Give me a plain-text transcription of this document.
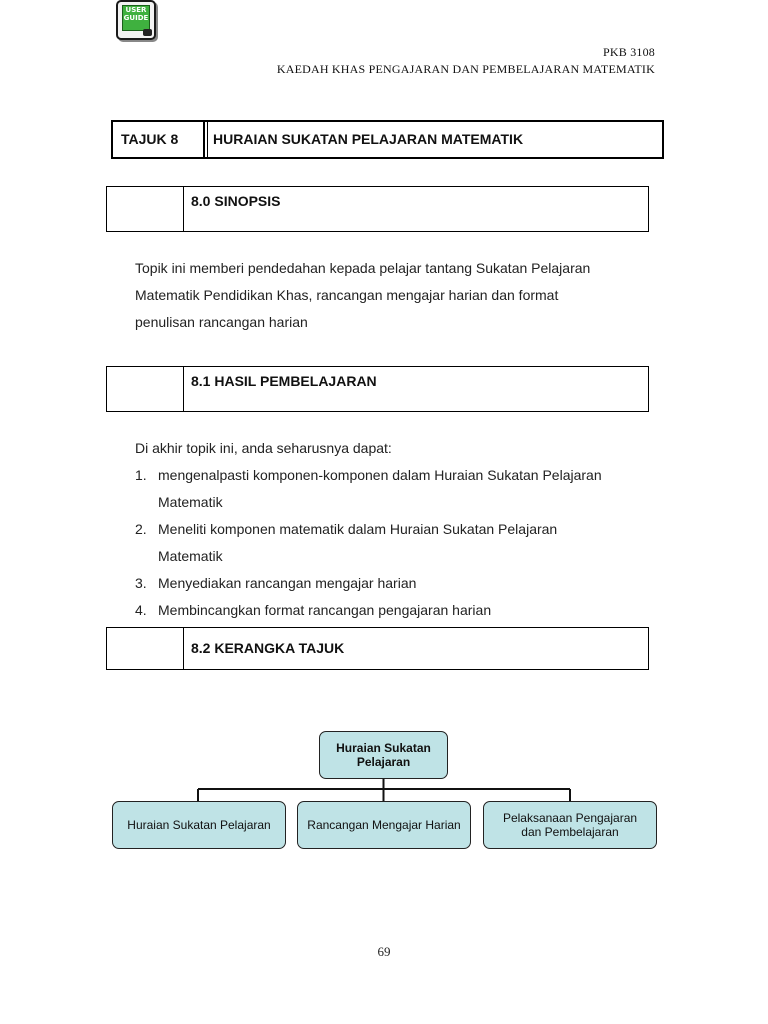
USER GUIDE
PKB 3108
KAEDAH KHAS PENGAJARAN DAN PEMBELAJARAN MATEMATIK
TAJUK 8	HURAIAN SUKATAN PELAJARAN MATEMATIK
8.0 SINOPSIS
Topik ini memberi pendedahan kepada pelajar tantang Sukatan Pelajaran
Matematik Pendidikan Khas, rancangan mengajar harian dan format
penulisan rancangan harian
8.1 HASIL PEMBELAJARAN
Di akhir topik ini, anda seharusnya dapat:
1. mengenalpasti komponen-komponen dalam Huraian Sukatan Pelajaran
Matematik
2. Meneliti komponen matematik dalam Huraian Sukatan Pelajaran
Matematik
3. Menyediakan rancangan mengajar harian
4. Membincangkan format rancangan pengajaran harian
8.2 KERANGKA TAJUK
Huraian Sukatan Pelajaran
Huraian Sukatan Pelajaran	Rancangan Mengajar Harian	Pelaksanaan Pengajaran dan Pembelajaran
69
